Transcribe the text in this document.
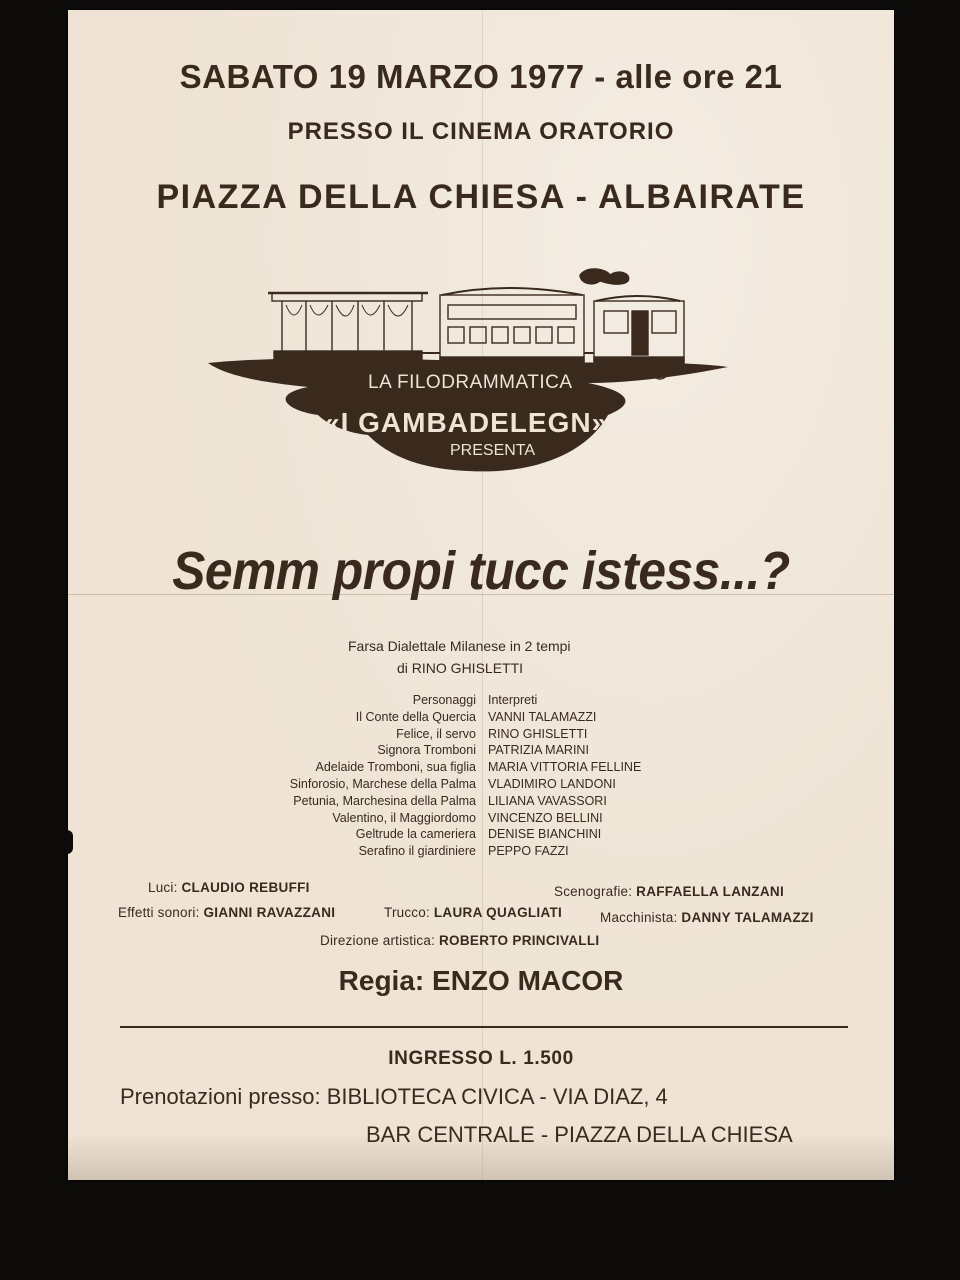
SABATO 19 MARZO 1977 - alle ore 21
PRESSO IL CINEMA ORATORIO
PIAZZA DELLA CHIESA - ALBAIRATE
LA FILODRAMMATICA
«I GAMBADELEGN»
PRESENTA
Semm propi tucc istess...?
Farsa Dialettale Milanese in 2 tempi
di RINO GHISLETTI
Personaggi Interpreti
Il Conte della Quercia VANNI TALAMAZZI
Felice, il servo RINO GHISLETTI
Signora Tromboni PATRIZIA MARINI
Adelaide Tromboni, sua figlia MARIA VITTORIA FELLINE
Sinforosio, Marchese della Palma VLADIMIRO LANDONI
Petunia, Marchesina della Palma LILIANA VAVASSORI
Valentino, il Maggiordomo VINCENZO BELLINI
Geltrude la cameriera DENISE BIANCHINI
Serafino il giardiniere PEPPO FAZZI
Luci: CLAUDIO REBUFFI	Scenografie: RAFFAELLA LANZANI
Effetti sonori: GIANNI RAVAZZANI	Trucco: LAURA QUAGLIATI	Macchinista: DANNY TALAMAZZI
Direzione artistica: ROBERTO PRINCIVALLI
Regia: ENZO MACOR
INGRESSO L. 1.500
Prenotazioni presso: BIBLIOTECA CIVICA - VIA DIAZ, 4
BAR CENTRALE - PIAZZA DELLA CHIESA
